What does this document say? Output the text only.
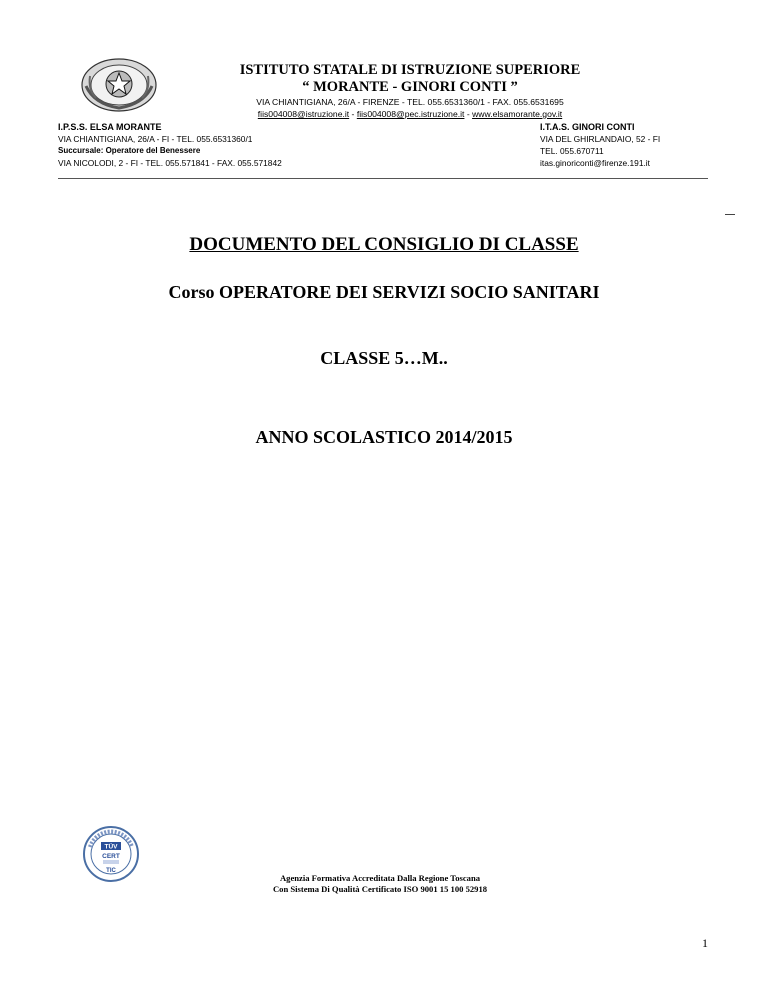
ISTITUTO STATALE DI ISTRUZIONE SUPERIORE
“ MORANTE - GINORI CONTI ”
VIA CHIANTIGIANA, 26/A - FIRENZE - TEL. 055.6531360/1 - FAX. 055.6531695
fiis004008@istruzione.it - fiis004008@pec.istruzione.it - www.elsamorante.gov.it
I.P.S.S. ELSA MORANTE
VIA CHIANTIGIANA, 26/A - FI - TEL. 055.6531360/1
Succursale: Operatore del Benessere
VIA NICOLODI, 2 - FI - TEL. 055.571841 - FAX. 055.571842
I.T.A.S. GINORI CONTI
VIA DEL GHIRLANDAIO, 52 - FI
TEL. 055.670711
itas.ginoriconti@firenze.191.it
DOCUMENTO DEL CONSIGLIO DI CLASSE
Corso OPERATORE DEI SERVIZI SOCIO SANITARI
CLASSE 5…M..
ANNO SCOLASTICO 2014/2015
TÜV
CERT
TIC
Agenzia Formativa Accreditata Dalla Regione Toscana
Con Sistema Di Qualità Certificato ISO 9001 15 100 52918
1
